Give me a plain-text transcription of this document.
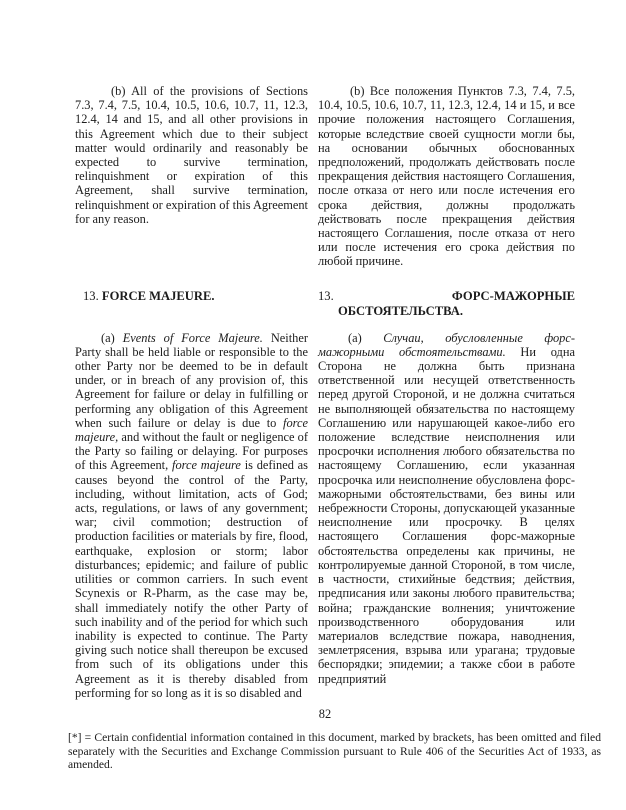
(b) All of the provisions of Sections 7.3, 7.4, 7.5, 10.4, 10.5, 10.6, 10.7, 11, 12.3, 12.4, 14 and 15, and all other provisions in this Agreement which due to their subject matter would ordinarily and reasonably be expected to survive termination, relinquishment or expiration of this Agreement, shall survive termination, relinquishment or expiration of this Agreement for any reason.

(b) Все положения Пунктов 7.3, 7.4, 7.5, 10.4, 10.5, 10.6, 10.7, 11, 12.3, 12.4, 14 и 15, и все прочие положения настоящего Соглашения, которые вследствие своей сущности могли бы, на основании обычных обоснованных предположений, продолжать действовать после прекращения действия настоящего Соглашения, после отказа от него или после истечения его срока действия, должны продолжать действовать после прекращения действия настоящего Соглашения, после отказа от него или после истечения его срока действия по любой причине.

13. FORCE MAJEURE.	13.	ФОРС-МАЖОРНЫЕ
ОБСТОЯТЕЛЬСТВА.

(a) Events of Force Majeure. Neither Party shall be held liable or responsible to the other Party nor be deemed to be in default under, or in breach of any provision of, this Agreement for failure or delay in fulfilling or performing any obligation of this Agreement when such failure or delay is due to force majeure, and without the fault or negligence of the Party so failing or delaying. For purposes of this Agreement, force majeure is defined as causes beyond the control of the Party, including, without limitation, acts of God; acts, regulations, or laws of any government; war; civil commotion; destruction of production facilities or materials by fire, flood, earthquake, explosion or storm; labor disturbances; epidemic; and failure of public utilities or common carriers. In such event Scynexis or R-Pharm, as the case may be, shall immediately notify the other Party of such inability and of the period for which such inability is expected to continue. The Party giving such notice shall thereupon be excused from such of its obligations under this Agreement as it is thereby disabled from performing for so long as it is so disabled and

(a) Случаи, обусловленные форс-мажорными обстоятельствами. Ни одна Сторона не должна быть признана ответственной или несущей ответственность перед другой Стороной, и не должна считаться не выполняющей обязательства по настоящему Соглашению или нарушающей какое-либо его положение вследствие неисполнения или просрочки исполнения любого обязательства по настоящему Соглашению, если указанная просрочка или неисполнение обусловлена форс-мажорными обстоятельствами, без вины или небрежности Стороны, допускающей указанные неисполнение или просрочку. В целях настоящего Соглашения форс-мажорные обстоятельства определены как причины, не контролируемые данной Стороной, в том числе, в частности, стихийные бедствия; действия, предписания или законы любого правительства; война; гражданские волнения; уничтожение производственного оборудования или материалов вследствие пожара, наводнения, землетрясения, взрыва или урагана; трудовые беспорядки; эпидемии; а также сбои в работе предприятий

82
[*] = Certain confidential information contained in this document, marked by brackets, has been omitted and filed separately with the Securities and Exchange Commission pursuant to Rule 406 of the Securities Act of 1933, as amended.
